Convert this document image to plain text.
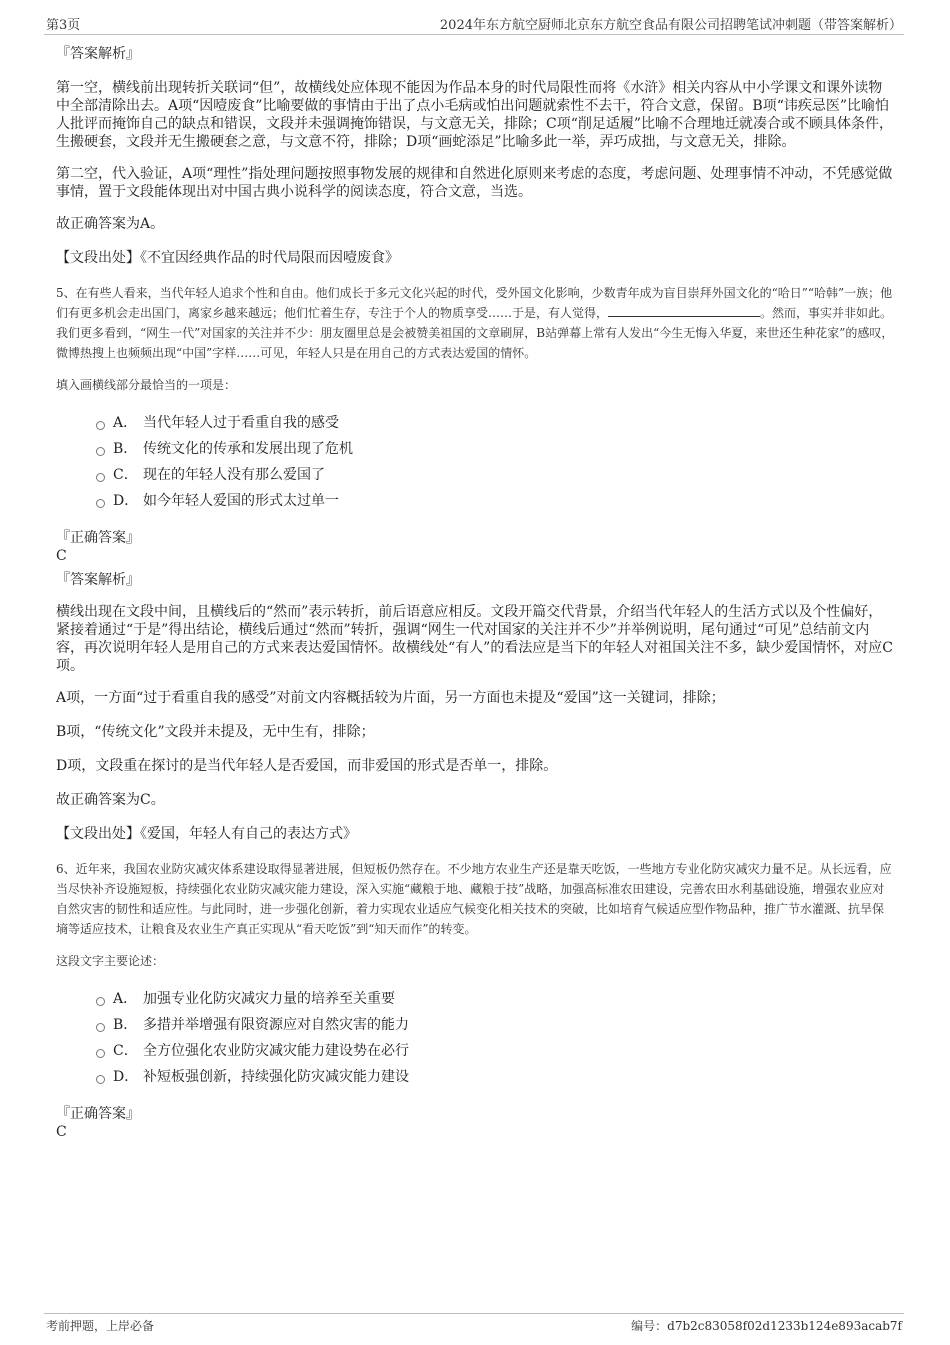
第3页	2024年东方航空厨师北京东方航空食品有限公司招聘笔试冲刺题（带答案解析）
『答案解析』

第一空，横线前出现转折关联词“但”，故横线处应体现不能因为作品本身的时代局限性而将《水浒》相关内容从中小学课文和课外读物中全部清除出去。A项“因噎废食”比喻要做的事情由于出了点小毛病或怕出问题就索性不去干，符合文意，保留。B项“讳疾忌医”比喻怕人批评而掩饰自己的缺点和错误，文段并未强调掩饰错误，与文意无关，排除；C项“削足适履”比喻不合理地迁就凑合或不顾具体条件，生搬硬套，文段并无生搬硬套之意，与文意不符，排除；D项“画蛇添足”比喻多此一举，弄巧成拙，与文意无关，排除。

第二空，代入验证，A项“理性”指处理问题按照事物发展的规律和自然进化原则来考虑的态度，考虑问题、处理事情不冲动，不凭感觉做事情，置于文段能体现出对中国古典小说科学的阅读态度，符合文意，当选。

故正确答案为A。

【文段出处】《不宜因经典作品的时代局限而因噎废食》

5、在有些人看来，当代年轻人追求个性和自由。他们成长于多元文化兴起的时代，受外国文化影响，少数青年成为盲目崇拜外国文化的“哈日”“哈韩”一族；他们有更多机会走出国门，离家乡越来越远；他们忙着生存，专注于个人的物质享受……于是，有人觉得，	。然而，事实并非如此。我们更多看到，“网生一代”对国家的关注并不少：朋友圈里总是会被赞美祖国的文章刷屏，B站弹幕上常有人发出“今生无悔入华夏，来世还生种花家”的感叹，微博热搜上也频频出现“中国”字样……可见，年轻人只是在用自己的方式表达爱国的情怀。

填入画横线部分最恰当的一项是：

A． 当代年轻人过于看重自我的感受
B． 传统文化的传承和发展出现了危机
C． 现在的年轻人没有那么爱国了
D． 如今年轻人爱国的形式太过单一
『正确答案』
C
『答案解析』

横线出现在文段中间，且横线后的“然而”表示转折，前后语意应相反。文段开篇交代背景，介绍当代年轻人的生活方式以及个性偏好，紧接着通过“于是”得出结论，横线后通过“然而”转折，强调“网生一代对国家的关注并不少”并举例说明，尾句通过“可见”总结前文内容，再次说明年轻人是用自己的方式来表达爱国情怀。故横线处“有人”的看法应是当下的年轻人对祖国关注不多，缺少爱国情怀，对应C项。

A项，一方面“过于看重自我的感受”对前文内容概括较为片面，另一方面也未提及“爱国”这一关键词，排除；

B项，“传统文化”文段并未提及，无中生有，排除；

D项，文段重在探讨的是当代年轻人是否爱国，而非爱国的形式是否单一，排除。

故正确答案为C。

【文段出处】《爱国，年轻人有自己的表达方式》

6、近年来，我国农业防灾减灾体系建设取得显著进展，但短板仍然存在。不少地方农业生产还是靠天吃饭，一些地方专业化防灾减灾力量不足。从长远看，应当尽快补齐设施短板，持续强化农业防灾减灾能力建设，深入实施“藏粮于地、藏粮于技”战略，加强高标准农田建设，完善农田水利基础设施，增强农业应对自然灾害的韧性和适应性。与此同时，进一步强化创新，着力实现农业适应气候变化相关技术的突破，比如培育气候适应型作物品种，推广节水灌溉、抗旱保墒等适应技术，让粮食及农业生产真正实现从“看天吃饭”到“知天而作”的转变。

这段文字主要论述：

A． 加强专业化防灾减灾力量的培养至关重要
B． 多措并举增强有限资源应对自然灾害的能力
C． 全方位强化农业防灾减灾能力建设势在必行
D． 补短板强创新，持续强化防灾减灾能力建设
『正确答案』
C
考前押题，上岸必备	编号：d7b2c83058f02d1233b124e893acab7f
